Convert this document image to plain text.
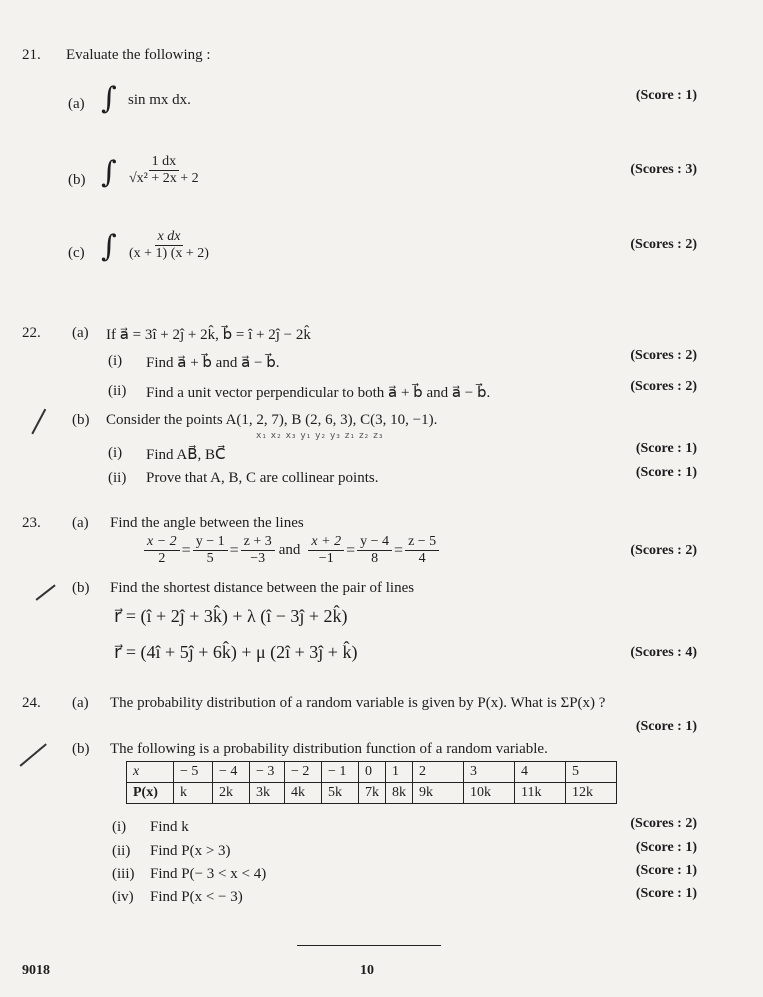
21. Evaluate the following :
(a) ∫ sin mx dx.	(Score : 1)
(b) ∫ $\frac{1 dx}{\text{√x² + 2x + 2}}$	(Scores : 3)
(c) ∫ $\frac{\text{x dx}}{(x + 1) (x + 2)}$	(Scores : 2)
22. (a) If a⃗ = 3î + 2ĵ + 2k̂, b⃗ = î + 2ĵ − 2k̂
(i) Find a⃗ + b⃗ and a⃗ − b⃗.	(Scores : 2)
(ii) Find a unit vector perpendicular to both a⃗ + b⃗ and a⃗ − b⃗.	(Scores : 2)
(b) Consider the points A(1, 2, 7), B (2, 6, 3), C(3, 10, −1).
x₁ x₂ x₃ y₁ y₂ y₃ z₁ z₂ z₃
(i) Find AB⃗, BC⃗	(Score : 1)
(ii) Prove that A, B, C are collinear points.	(Score : 1)
23. (a) Find the angle between the lines
$\frac{x - 2}{2} = \frac{y - 1}{5} = \frac{z + 3}{-3}$ and $\frac{x + 2}{-1} = \frac{y - 4}{8} = \frac{z - 5}{4}$	(Scores : 2)
(b) Find the shortest distance between the pair of lines
r⃗ = (î + 2ĵ + 3k̂) + λ (î − 3ĵ + 2k̂)
r⃗ = (4î + 5ĵ + 6k̂) + μ (2î + 3ĵ + k̂)	(Scores : 4)
24. (a) The probability distribution of a random variable is given by P(x). What is ΣP(x) ?
(Score : 1)
(b) The following is a probability distribution function of a random variable.
x	− 5	− 4	− 3	− 2	− 1	0	1	2	3	4	5
P(x)	k	2k	3k	4k	5k	7k	8k	9k	10k	11k	12k
(i) Find k	(Scores : 2)
(ii) Find P(x > 3)	(Score : 1)
(iii) Find P(− 3 < x < 4)	(Score : 1)
(iv) Find P(x < − 3)	(Score : 1)
9018	10
